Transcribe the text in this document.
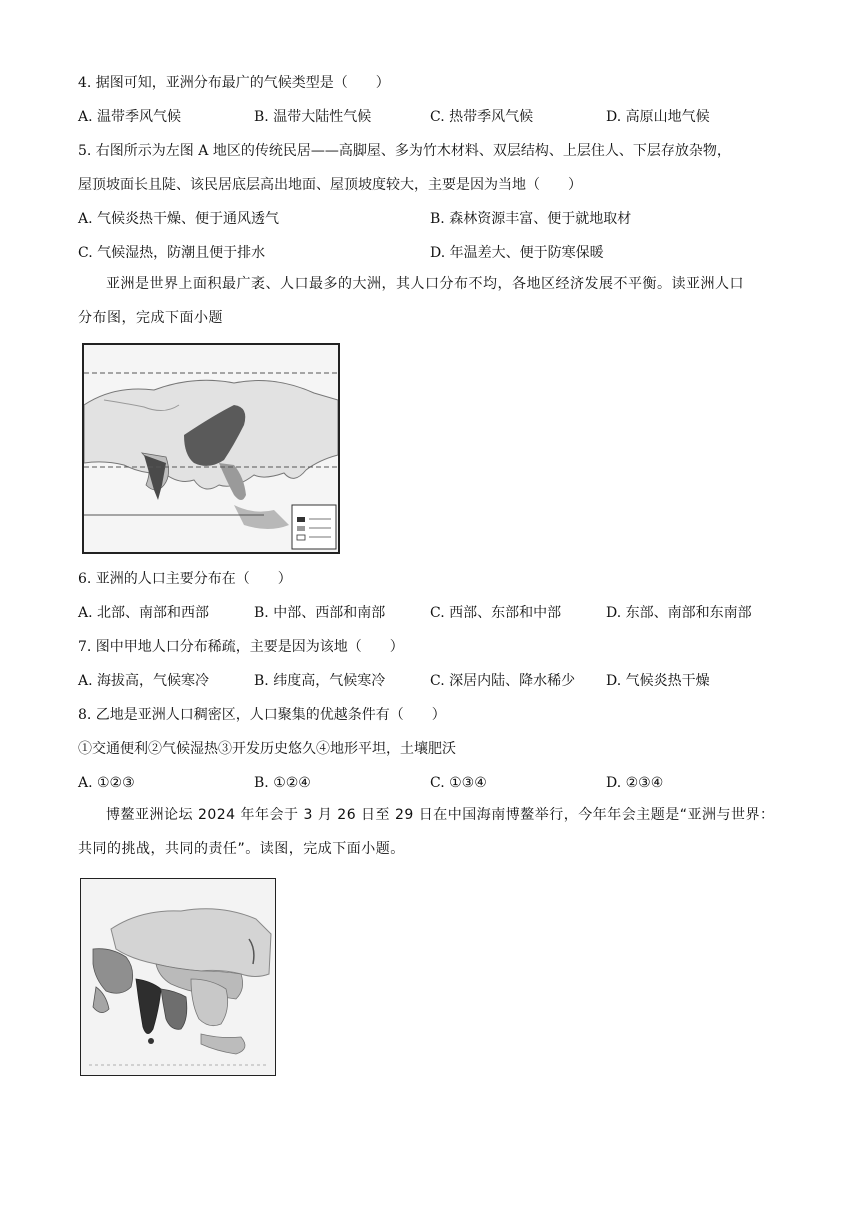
4. 据图可知，亚洲分布最广的气候类型是（　　）
A. 温带季风气候	B. 温带大陆性气候	C. 热带季风气候	D. 高原山地气候
5. 右图所示为左图 A 地区的传统民居——高脚屋、多为竹木材料、双层结构、上层住人、下层存放杂物，
屋顶坡面长且陡、该民居底层高出地面、屋顶坡度较大，主要是因为当地（　　）
A. 气候炎热干燥、便于通风透气	B. 森林资源丰富、便于就地取材
C. 气候湿热，防潮且便于排水	D. 年温差大、便于防寒保暖
亚洲是世界上面积最广袤、人口最多的大洲，其人口分布不均，各地区经济发展不平衡。读亚洲人口
分布图，完成下面小题
6. 亚洲的人口主要分布在（　　）
A. 北部、南部和西部	B. 中部、西部和南部	C. 西部、东部和中部	D. 东部、南部和东南部
7. 图中甲地人口分布稀疏，主要是因为该地（　　）
A. 海拔高，气候寒冷	B. 纬度高，气候寒冷	C. 深居内陆、降水稀少 D. 气候炎热干燥
8. 乙地是亚洲人口稠密区，人口聚集的优越条件有（　　）
①交通便利②气候湿热③开发历史悠久④地形平坦，土壤肥沃
A. ①②③	B. ①②④	C. ①③④	D. ②③④
博鳌亚洲论坛 2024 年年会于 3 月 26 日至 29 日在中国海南博鳌举行，今年年会主题是“亚洲与世界：
共同的挑战，共同的责任”。读图，完成下面小题。
